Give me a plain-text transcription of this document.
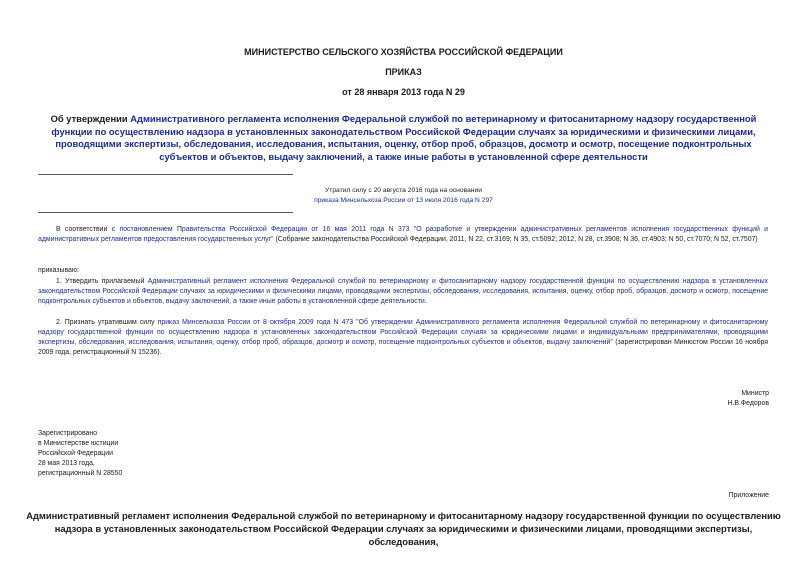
МИНИСТЕРСТВО СЕЛЬСКОГО ХОЗЯЙСТВА РОССИЙСКОЙ ФЕДЕРАЦИИ
ПРИКАЗ
от 28 января 2013 года N 29
Об утверждении Административного регламента исполнения Федеральной службой по ветеринарному и фитосанитарному надзору государственной функции по осуществлению надзора в установленных законодательством Российской Федерации случаях за юридическими и физическими лицами, проводящими экспертизы, обследования, исследования, испытания, оценку, отбор проб, образцов, досмотр и осмотр, посещение подконтрольных субъектов и объектов, выдачу заключений, а также иные работы в установленной сфере деятельности
Утратил силу с 20 августа 2016 года на основании
приказа Минсельхоза России от 13 июля 2016 года N 297
В соответствии с постановлением Правительства Российской Федерации от 16 мая 2011 года N 373 "О разработке и утверждении административных регламентов исполнения государственных функций и административных регламентов предоставления государственных услуг" (Собрание законодательства Российской Федерации, 2011, N 22, ст.3169; N 35, ст.5092; 2012, N 28, ст.3908; N 36, ст.4903; N 50, ст.7070; N 52, ст.7507)
приказываю:
1. Утвердить прилагаемый Административный регламент исполнения Федеральной службой по ветеринарному и фитосанитарному надзору государственной функции по осуществлению надзора в установленных законодательством Российской Федерации случаях за юридическими и физическими лицами, проводящими экспертизы, обследования, исследования, испытания, оценку, отбор проб, образцов, досмотр и осмотр, посещение подконтрольных субъектов и объектов, выдачу заключений, а также иные работы в установленной сфере деятельности.
2. Признать утратившим силу приказ Минсельхоза России от 8 октября 2009 года N 473 "Об утверждении Административного регламента исполнения Федеральной службой по ветеринарному и фитосанитарному надзору государственной функции по осуществлению надзора в установленных законодательством Российской Федерации случаях за юридическими лицами и индивидуальными предпринимателями, проводящими экспертизы, обследования, исследования, испытания, оценку, отбор проб, образцов, досмотр и осмотр, посещение подконтрольных субъектов и объектов, выдачу заключений" (зарегистрирован Минюстом России 16 ноября 2009 года, регистрационный N 15236).
Министр
Н.В.Федоров
Зарегистрировано
в Министерстве юстиции
Российской Федерации
28 мая 2013 года,
регистрационный N 28550
Приложение
Административный регламент исполнения Федеральной службой по ветеринарному и фитосанитарному надзору государственной функции по осуществлению надзора в установленных законодательством Российской Федерации случаях за юридическими и физическими лицами, проводящими экспертизы, обследования,
